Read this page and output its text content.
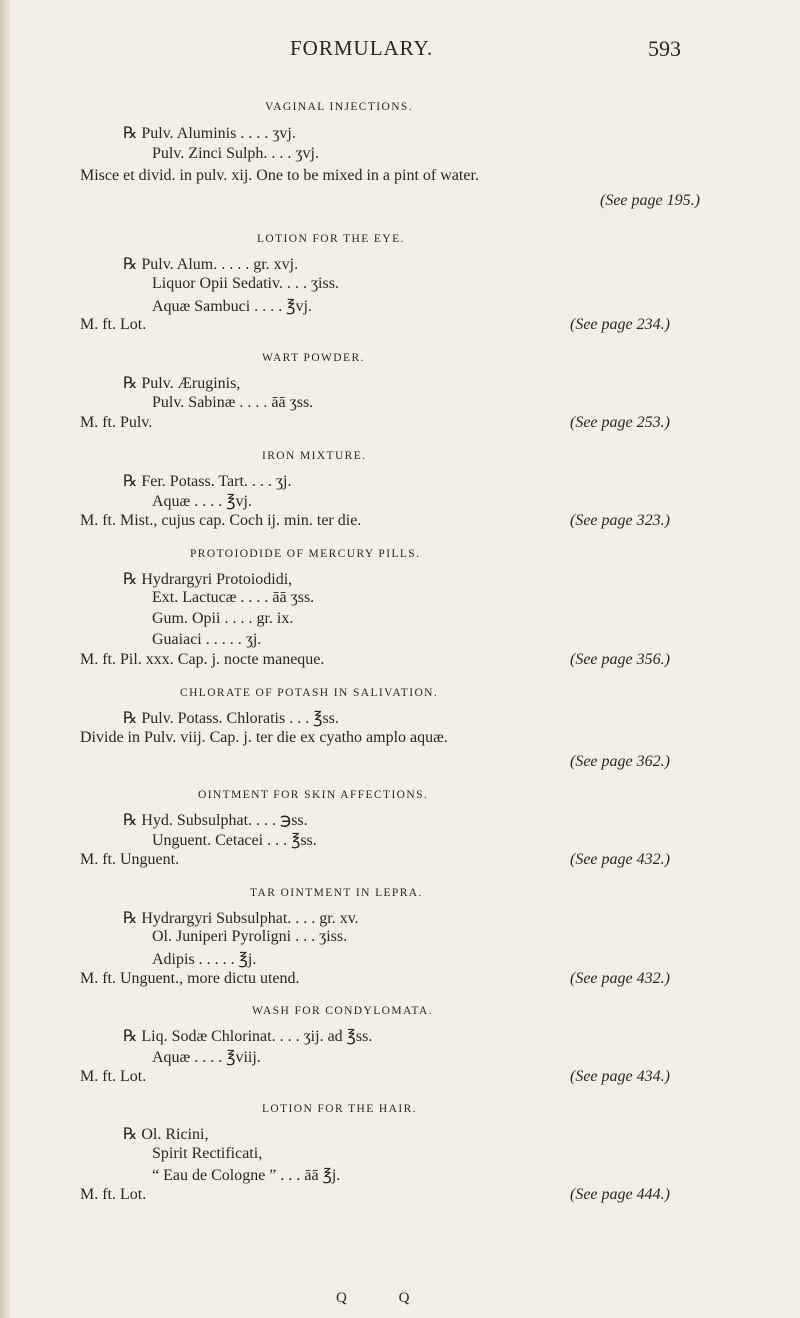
FORMULARY.	593
VAGINAL INJECTIONS.
℞ Pulv. Aluminis . . . . ʒvj.
Pulv. Zinci Sulph. . . . ʒvj.
Misce et divid. in pulv. xij. One to be mixed in a pint of water.
(See page 195.)
LOTION FOR THE EYE.
℞ Pulv. Alum. . . . . gr. xvj.
Liquor Opii Sedativ. . . . ʒiss.
Aquæ Sambuci . . . . ℥vj.
M. ft. Lot.	(See page 234.)
WART POWDER.
℞ Pulv. Æruginis,
Pulv. Sabinæ . . . . āā ʒss.
M. ft. Pulv.	(See page 253.)
IRON MIXTURE.
℞ Fer. Potass. Tart. . . . ʒj.
Aquæ . . . . ℥vj.
M. ft. Mist., cujus cap. Coch ij. min. ter die.	(See page 323.)
PROTOIODIDE OF MERCURY PILLS.
℞ Hydrargyri Protoiodidi,
Ext. Lactucæ . . . . āā ʒss.
Gum. Opii . . . . gr. ix.
Guaiaci . . . . . ʒj.
M. ft. Pil. xxx. Cap. j. nocte maneque.	(See page 356.)
CHLORATE OF POTASH IN SALIVATION.
℞ Pulv. Potass. Chloratis . . . ℥ss.
Divide in Pulv. viij. Cap. j. ter die ex cyatho amplo aquæ.
(See page 362.)
OINTMENT FOR SKIN AFFECTIONS.
℞ Hyd. Subsulphat. . . . ℈ss.
Unguent. Cetacei . . . ℥ss.
M. ft. Unguent.	(See page 432.)
TAR OINTMENT IN LEPRA.
℞ Hydrargyri Subsulphat. . . . gr. xv.
Ol. Juniperi Pyroligni . . . ʒiss.
Adipis . . . . . ℥j.
M. ft. Unguent., more dictu utend.	(See page 432.)
WASH FOR CONDYLOMATA.
℞ Liq. Sodæ Chlorinat. . . . ʒij. ad ℥ss.
Aquæ . . . . ℥viij.
M. ft. Lot.	(See page 434.)
LOTION FOR THE HAIR.
℞ Ol. Ricini,
Spirit Rectificati,
“ Eau de Cologne ” . . . āā ℥j.
M. ft. Lot.	(See page 444.)
Q Q
